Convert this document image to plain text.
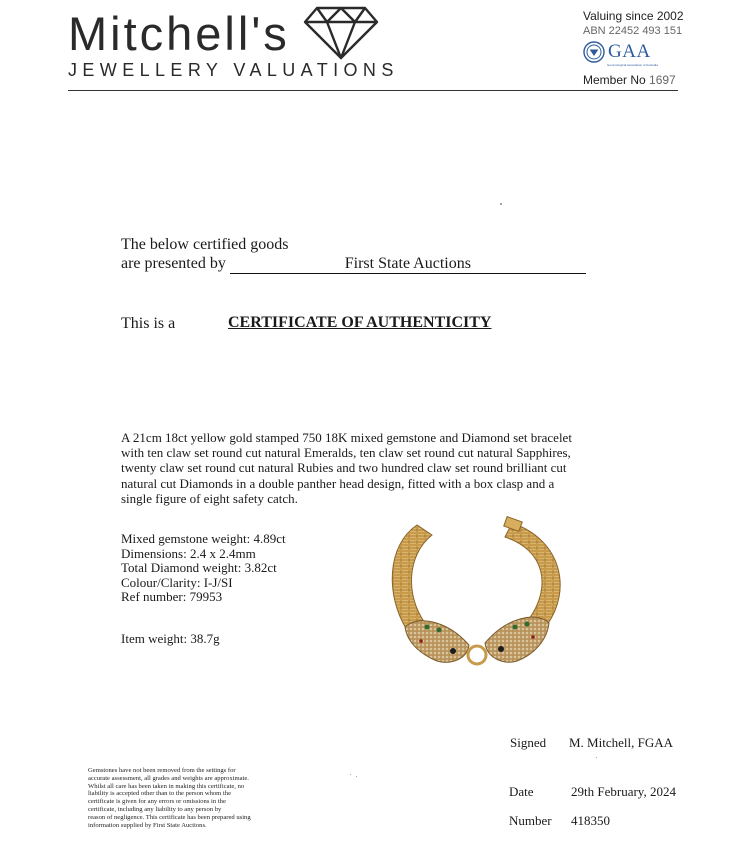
Mitchell's
JEWELLERY VALUATIONS
Valuing since 2002
ABN 22452 493 151
GAA
Gemmological Association of Australia
Member No 1697
The below certified goods
are presented by	First State Auctions
This is a	CERTIFICATE OF AUTHENTICITY

A 21cm 18ct yellow gold stamped 750 18K mixed gemstone and Diamond set bracelet

with ten claw set round cut natural Emeralds, ten claw set round cut natural Sapphires,

twenty claw set round cut natural Rubies and two hundred claw set round brilliant cut

natural cut Diamonds in a double panther head design, fitted with a box clasp and a

single figure of eight safety catch.

Mixed gemstone weight: 4.89ct
Dimensions: 2.4 x 2.4mm
Total Diamond weight: 3.82ct
Colour/Clarity: I-J/SI
Ref number: 79953
Item weight: 38.7g
Signed M. Mitchell, FGAA
Date	29th February, 2024
Number 418350
Gemstones have not been removed from the settings for
accurate assessment, all grades and weights are approximate.
Whilst all care has been taken in making this certificate, no
liability is accepted other than to the person whom the
certificate is given for any errors or omissions in the
certificate, including any liability to any person by
reason of negligence. This certificate has been prepared using
information supplied by First State Auctions.
